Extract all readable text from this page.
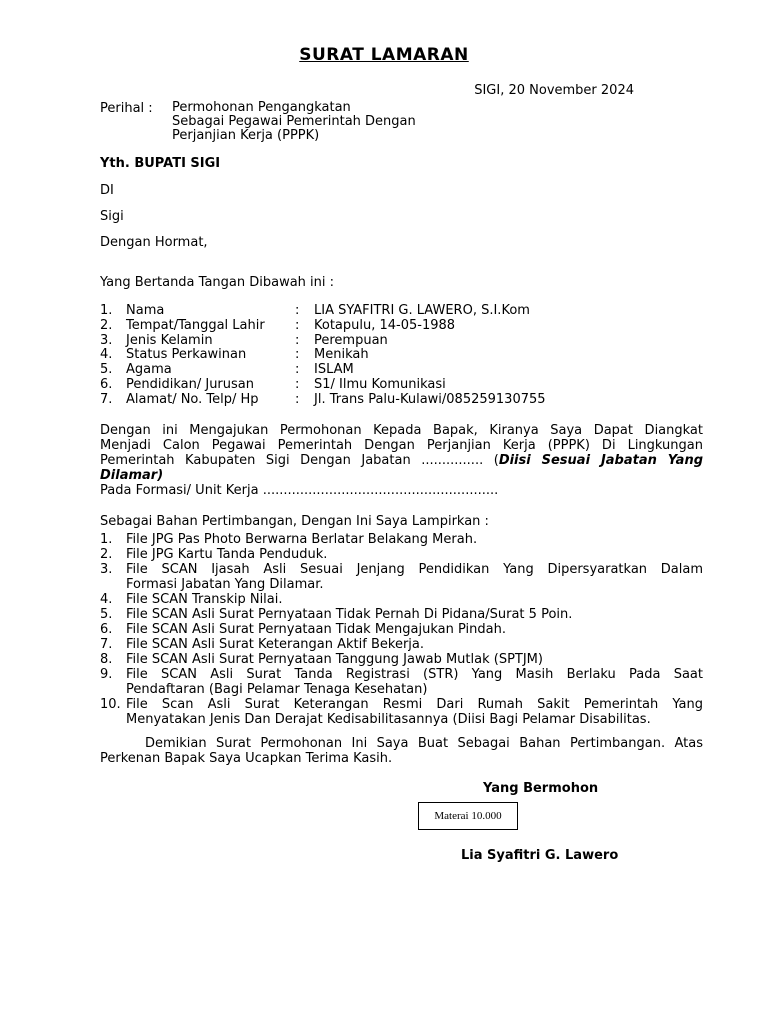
SURAT LAMARAN
SIGI, 20 November 2024
Perihal : Permohonan Pengangkatan
Sebagai Pegawai Pemerintah Dengan
Perjanjian Kerja (PPPK)
Yth. BUPATI SIGI
DI
Sigi
Dengan Hormat,
Yang Bertanda Tangan Dibawah ini :
1. Nama	: LIA SYAFITRI G. LAWERO, S.I.Kom
2. Tempat/Tanggal Lahir : Kotapulu, 14-05-1988
3. Jenis Kelamin	: Perempuan
4. Status Perkawinan	: Menikah
5. Agama	: ISLAM
6. Pendidikan/ Jurusan	: S1/ Ilmu Komunikasi
7. Alamat/ No. Telp/ Hp	: Jl. Trans Palu-Kulawi/085259130755
Dengan ini Mengajukan Permohonan Kepada Bapak, Kiranya Saya Dapat Diangkat
Menjadi Calon Pegawai Pemerintah Dengan Perjanjian Kerja (PPPK) Di Lingkungan
Pemerintah Kabupaten Sigi Dengan Jabatan ............... (Diisi Sesuai Jabatan Yang
Dilamar)
Pada Formasi/ Unit Kerja .........................................................
Sebagai Bahan Pertimbangan, Dengan Ini Saya Lampirkan :
1. File JPG Pas Photo Berwarna Berlatar Belakang Merah.
2. File JPG Kartu Tanda Penduduk.
3. File SCAN Ijasah Asli Sesuai Jenjang Pendidikan Yang Dipersyaratkan Dalam
Formasi Jabatan Yang Dilamar.
4. File SCAN Transkip Nilai.
5. File SCAN Asli Surat Pernyataan Tidak Pernah Di Pidana/Surat 5 Poin.
6. File SCAN Asli Surat Pernyataan Tidak Mengajukan Pindah.
7. File SCAN Asli Surat Keterangan Aktif Bekerja.
8. File SCAN Asli Surat Pernyataan Tanggung Jawab Mutlak (SPTJM)
9. File SCAN Asli Surat Tanda Registrasi (STR) Yang Masih Berlaku Pada Saat
Pendaftaran (Bagi Pelamar Tenaga Kesehatan)
10. File Scan Asli Surat Keterangan Resmi Dari Rumah Sakit Pemerintah Yang
Menyatakan Jenis Dan Derajat Kedisabilitasannya (Diisi Bagi Pelamar Disabilitas.
Demikian Surat Permohonan Ini Saya Buat Sebagai Bahan Pertimbangan. Atas
Perkenan Bapak Saya Ucapkan Terima Kasih.
Yang Bermohon
Materai 10.000
Lia Syafitri G. Lawero
